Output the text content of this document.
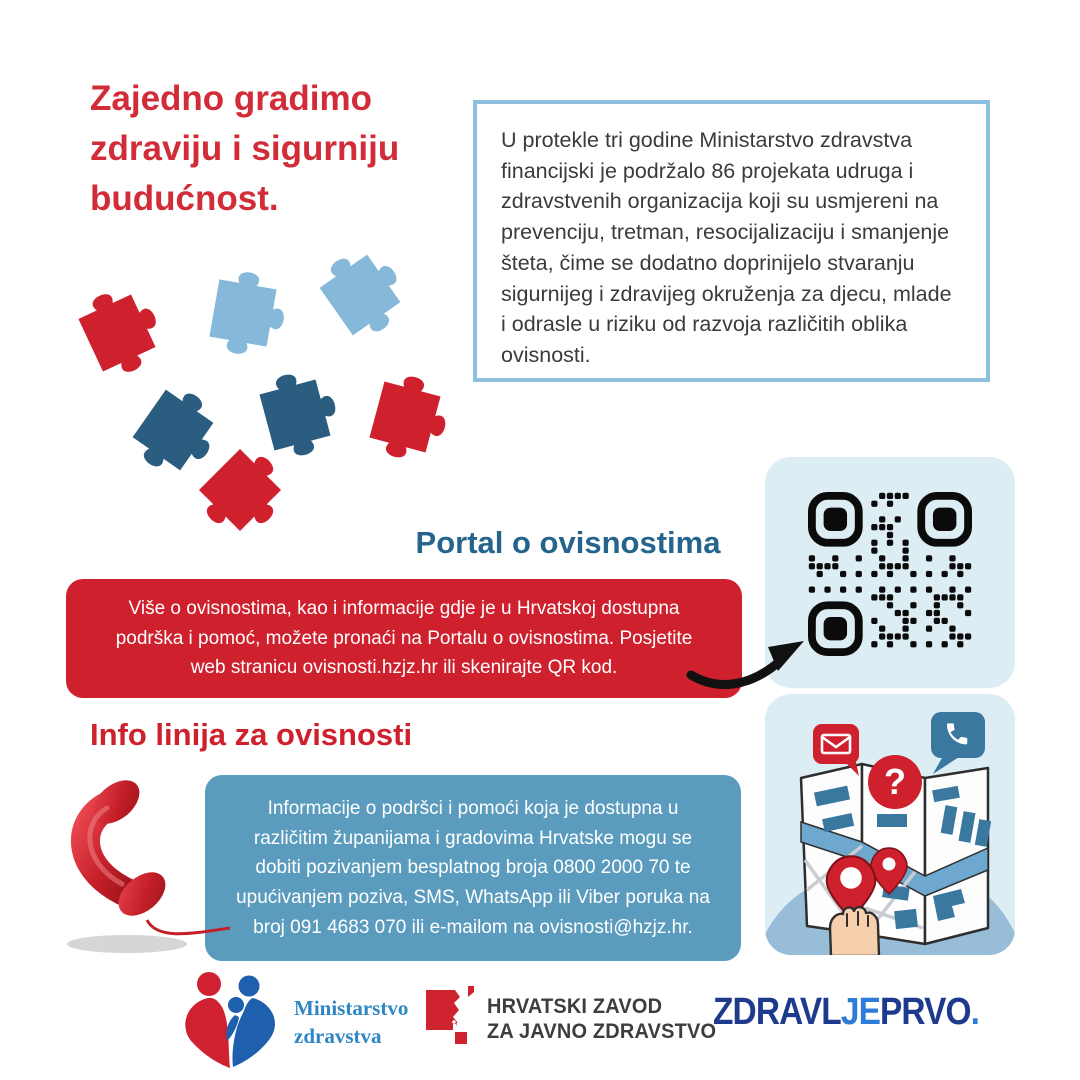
Zajedno gradimo zdraviju i sigurniju budućnost.
U protekle tri godine Ministarstvo zdravstva financijski je podržalo 86 projekata udruga i zdravstvenih organizacija koji su usmjereni na prevenciju, tretman, resocijalizaciju i smanjenje šteta, čime se dodatno doprinijelo stvaranju sigurnijeg i zdravijeg okruženja za djecu, mlade i odrasle u riziku od razvoja različitih oblika ovisnosti.
Portal o ovisnostima
Više o ovisnostima, kao i informacije gdje je u Hrvatskoj dostupna podrška i pomoć, možete pronaći na Portalu o ovisnostima. Posjetite web stranicu ovisnosti.hzjz.hr ili skenirajte QR kod.
Info linija za ovisnosti
Informacije o podršci i pomoći koja je dostupna u različitim županijama i gradovima Hrvatske mogu se dobiti pozivanjem besplatnog broja 0800 2000 70 te upućivanjem poziva, SMS, WhatsApp ili Viber poruka na broj 091 4683 070 ili e-mailom na ovisnosti@hzjz.hr.
?
Ministarstvo
zdravstva
HRVATSKI ZAVOD
ZA JAVNO ZDRAVSTVO
ZDRAVLJEPRVO.
